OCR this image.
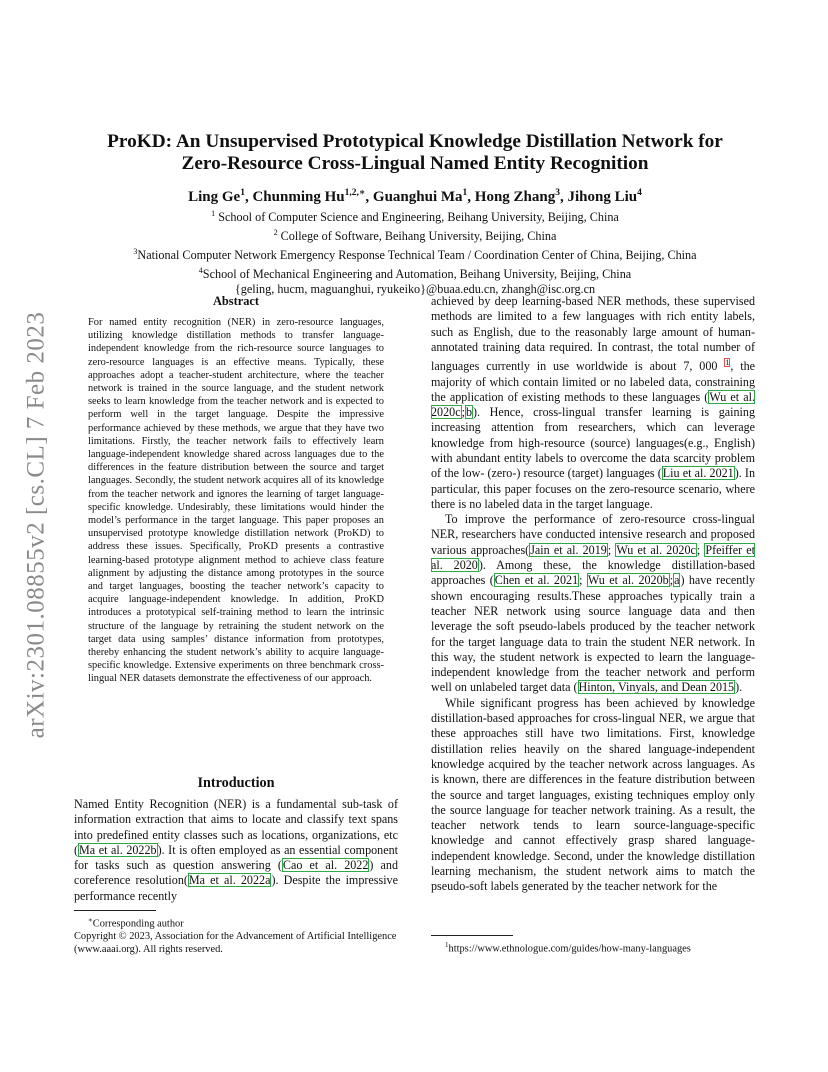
arXiv:2301.08855v2 [cs.CL] 7 Feb 2023
ProKD: An Unsupervised Prototypical Knowledge Distillation Network for
Zero-Resource Cross-Lingual Named Entity Recognition
Ling Ge$^1$, Chunming $Hu^{1,2,∗}$, Guanghui Ma$^1$, Hong Zhang$^3$, Jihong Liu$^4$
$^1$ School of Computer Science and Engineering, Beihang University, Beijing, China
$^2$ College of Software, Beihang University, Beijing, China
$^3$National Computer Network Emergency Response Technical Team / Coordination Center of China, Beijing, China
$^4$School of Mechanical Engineering and Automation, Beihang University, Beijing, China
{geling, hucm, maguanghui, ryukeiko}@buaa.edu.cn, zhangh@isc.org.cn
Abstract

For named entity recognition (NER) in zero-resource languages, utilizing knowledge distillation methods to transfer language-independent knowledge from the rich-resource source languages to zero-resource languages is an effective means. Typically, these approaches adopt a teacher-student architecture, where the teacher network is trained in the source language, and the student network seeks to learn knowledge from the teacher network and is expected to perform well in the target language. Despite the impressive performance achieved by these methods, we argue that they have two limitations. Firstly, the teacher network fails to effectively learn language-independent knowledge shared across languages due to the differences in the feature distribution between the source and target languages. Secondly, the student network acquires all of its knowledge from the teacher network and ignores the learning of target language-specific knowledge. Undesirably, these limitations would hinder the model’s performance in the target language. This paper proposes an unsupervised prototype knowledge distillation network (ProKD) to address these issues. Specifically, ProKD presents a contrastive learning-based prototype alignment method to achieve class feature alignment by adjusting the distance among prototypes in the source and target languages, boosting the teacher network’s capacity to acquire language-independent knowledge. In addition, ProKD introduces a prototypical self-training method to learn the intrinsic structure of the language by retraining the student network on the target data using samples’ distance information from prototypes, thereby enhancing the student network’s ability to acquire language-specific knowledge. Extensive experiments on three benchmark cross-lingual NER datasets demonstrate the effectiveness of our approach.

Introduction

Named Entity Recognition (NER) is a fundamental sub-task of information extraction that aims to locate and classify text spans into predefined entity classes such as locations, organizations, etc (Ma et al. 2022b). It is often employed as an essential component for tasks such as question answering (Cao et al. 2022) and coreference resolution(Ma et al. 2022a). Despite the impressive performance recently

∗Corresponding author

Copyright © 2023, Association for the Advancement of Artificial Intelligence (www.aaai.org). All rights reserved.

achieved by deep learning-based NER methods, these supervised methods are limited to a few languages with rich entity labels, such as English, due to the reasonably large amount of human-annotated training data required. In contrast, the total number of languages currently in use worldwide is about 7, 000 $^1$, the majority of which contain limited or no labeled data, constraining the application of existing methods to these languages (Wu et al. 2020c;b). Hence, cross-lingual transfer learning is gaining increasing attention from researchers, which can leverage knowledge from high-resource (source) languages(e.g., English) with abundant entity labels to overcome the data scarcity problem of the low- (zero-) resource (target) languages (Liu et al. 2021). In particular, this paper focuses on the zero-resource scenario, where there is no labeled data in the target language.

To improve the performance of zero-resource cross-lingual NER, researchers have conducted intensive research and proposed various approaches(Jain et al. 2019; Wu et al. 2020c; Pfeiffer et al. 2020). Among these, the knowledge distillation-based approaches (Chen et al. 2021; Wu et al. 2020b;a) have recently shown encouraging results.These approaches typically train a teacher NER network using source language data and then leverage the soft pseudo-labels produced by the teacher network for the target language data to train the student NER network. In this way, the student network is expected to learn the language-independent knowledge from the teacher network and perform well on unlabeled target data (Hinton, Vinyals, and Dean 2015).

While significant progress has been achieved by knowledge distillation-based approaches for cross-lingual NER, we argue that these approaches still have two limitations. First, knowledge distillation relies heavily on the shared language-independent knowledge acquired by the teacher network across languages. As is known, there are differences in the feature distribution between the source and target languages, existing techniques employ only the source language for teacher network training. As a result, the teacher network tends to learn source-language-specific knowledge and cannot effectively grasp shared language-independent knowledge. Second, under the knowledge distillation learning mechanism, the student network aims to match the pseudo-soft labels generated by the teacher network for the

$^1$https://www.ethnologue.com/guides/how-many-languages
